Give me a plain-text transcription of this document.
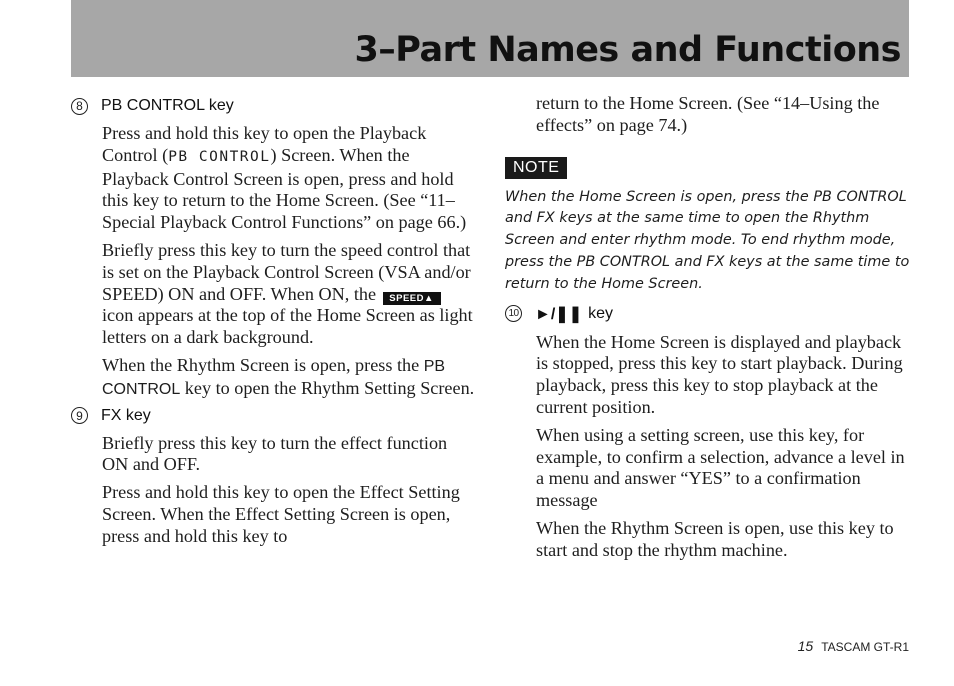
3–Part Names and Functions
8	PB CONTROL key

Press and hold this key to open the Playback Control (PB CONTROL) Screen. When the Playback Control Screen is open, press and hold this key to return to the Home Screen. (See “11–Special Playback Control Functions” on page 66.)

Briefly press this key to turn the speed control that is set on the Playback Control Screen (VSA and/or SPEED) ON and OFF. When ON, the SPEED▲ icon appears at the top of the Home Screen as light letters on a dark background.

When the Rhythm Screen is open, press the PB CONTROL key to open the Rhythm Setting Screen.

9	FX key

Briefly press this key to turn the effect function ON and OFF.

Press and hold this key to open the Effect Setting Screen. When the Effect Setting Screen is open, press and hold this key to

return to the Home Screen. (See “14–Using the effects” on page 74.)

NOTE

When the Home Screen is open, press the PB CONTROL and FX keys at the same time to open the Rhythm Screen and enter rhythm mode. To end rhythm mode, press the PB CONTROL and FX keys at the same time to return to the Home Screen.

10 ►/❚❚ key

When the Home Screen is displayed and playback is stopped, press this key to start playback. During playback, press this key to stop playback at the current position.

When using a setting screen, use this key, for example, to confirm a selection, advance a level in a menu and answer “YES” to a confirmation message

When the Rhythm Screen is open, use this key to start and stop the rhythm machine.

15 TASCAM GT-R1
